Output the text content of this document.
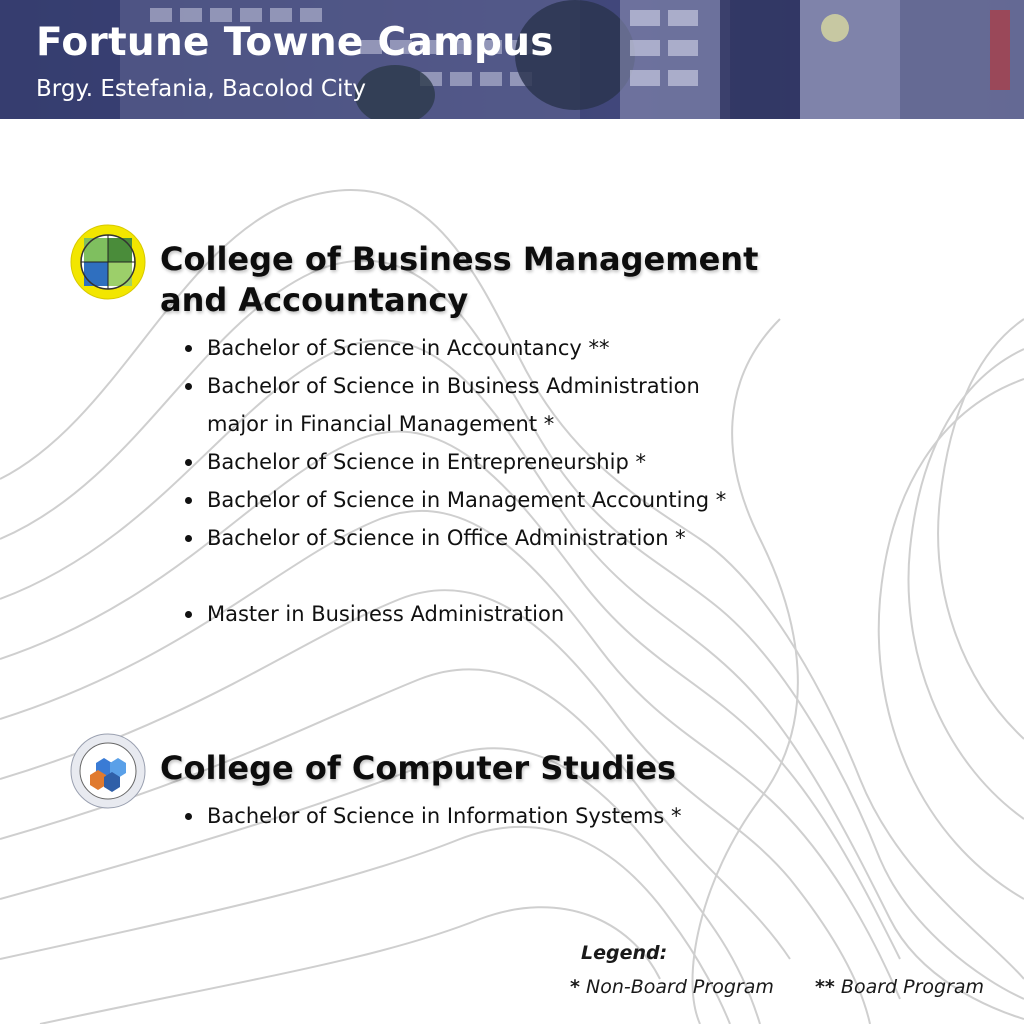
Fortune Towne Campus
Brgy. Estefania, Bacolod City
College of Business Management
and Accountancy
Bachelor of Science in Accountancy **
Bachelor of Science in Business Administration major in Financial Management *
Bachelor of Science in Entrepreneurship *
Bachelor of Science in Management Accounting *
Bachelor of Science in Office Administration *
Master in Business Administration
College of Computer Studies
Bachelor of Science in Information Systems *
Legend:
* Non-Board Program ** Board Program
